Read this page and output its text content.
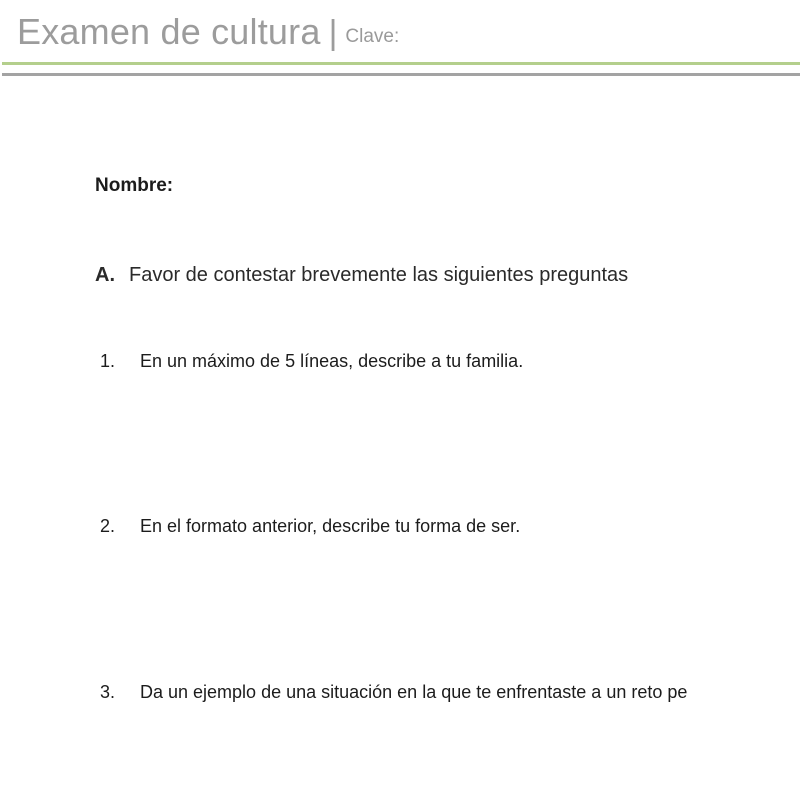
Examen de cultura | Clave:
Nombre:
A. Favor de contestar brevemente las siguientes preguntas
1. En un máximo de 5 líneas, describe a tu familia.
2. En el formato anterior, describe tu forma de ser.
3. Da un ejemplo de una situación en la que te enfrentaste a un reto pe
